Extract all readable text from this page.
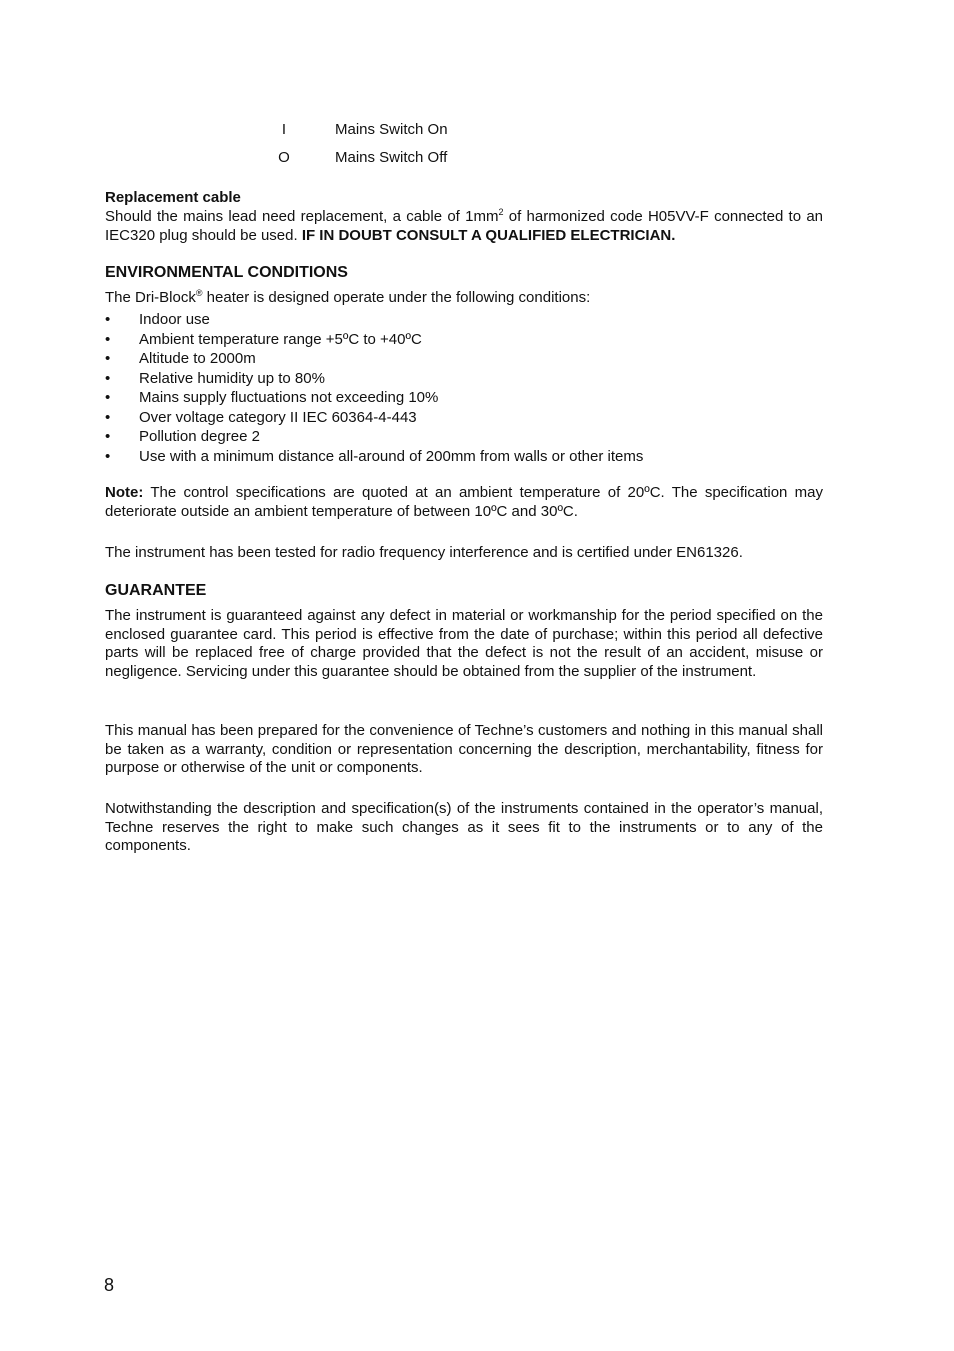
I	Mains Switch On
O	Mains Switch Off
Replacement cable
Should the mains lead need replacement, a cable of $1mm^2$ of harmonized code H05VV-F connected to an IEC320 plug should be used. IF IN DOUBT CONSULT A QUALIFIED ELECTRICIAN.
ENVIRONMENTAL CONDITIONS
The Dri-Block® heater is designed operate under the following conditions:
•	Indoor use
•	Ambient temperature range +5ºC to +40ºC
•	Altitude to 2000m
•	Relative humidity up to 80%
•	Mains supply fluctuations not exceeding 10%
•	Over voltage category II IEC 60364-4-443
•	Pollution degree 2
•	Use with a minimum distance all-around of 200mm from walls or other items
Note: The control specifications are quoted at an ambient temperature of 20ºC. The specification may deteriorate outside an ambient temperature of between 10ºC and 30ºC.
The instrument has been tested for radio frequency interference and is certified under EN61326.
GUARANTEE
The instrument is guaranteed against any defect in material or workmanship for the period specified on the enclosed guarantee card. This period is effective from the date of purchase; within this period all defective parts will be replaced free of charge provided that the defect is not the result of an accident, misuse or negligence. Servicing under this guarantee should be obtained from the supplier of the instrument.
This manual has been prepared for the convenience of Techne’s customers and nothing in this manual shall be taken as a warranty, condition or representation concerning the description, merchantability, fitness for purpose or otherwise of the unit or components.
Notwithstanding the description and specification(s) of the instruments contained in the operator’s manual, Techne reserves the right to make such changes as it sees fit to the instruments or to any of the components.
8
